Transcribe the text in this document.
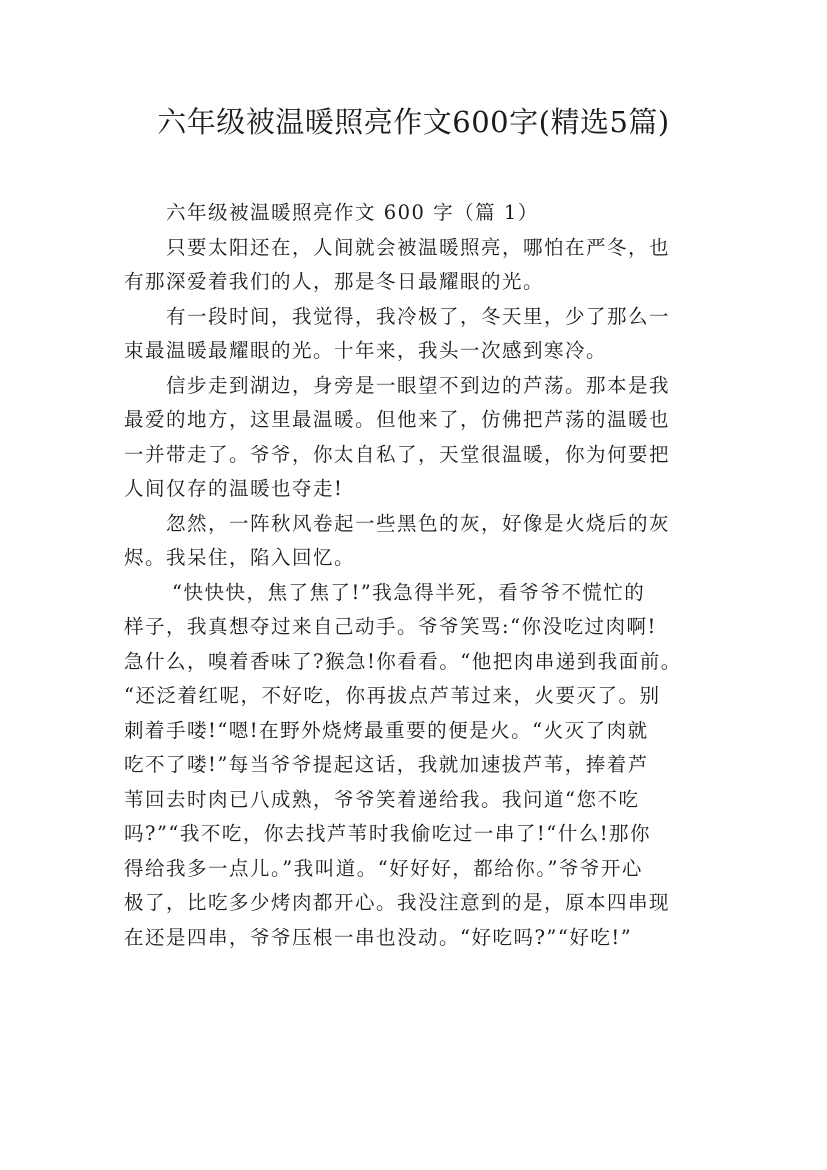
六年级被温暖照亮作文600字(精选5篇)
六年级被温暖照亮作文 600 字（篇 1）
只要太阳还在，人间就会被温暖照亮，哪怕在严冬，也
有那深爱着我们的人，那是冬日最耀眼的光。
有一段时间，我觉得，我冷极了，冬天里，少了那么一
束最温暖最耀眼的光。十年来，我头一次感到寒冷。
信步走到湖边，身旁是一眼望不到边的芦荡。那本是我
最爱的地方，这里最温暖。但他来了，仿佛把芦荡的温暖也
一并带走了。爷爷，你太自私了，天堂很温暖，你为何要把
人间仅存的温暖也夺走!
忽然，一阵秋风卷起一些黑色的灰，好像是火烧后的灰
烬。我呆住，陷入回忆。
“快快快，焦了焦了!”我急得半死，看爷爷不慌忙的
样子，我真想夺过来自己动手。爷爷笑骂:“你没吃过肉啊!
急什么，嗅着香味了?猴急!你看看。“他把肉串递到我面前。
“还泛着红呢，不好吃，你再拔点芦苇过来，火要灭了。别
刺着手喽!“嗯!在野外烧烤最重要的便是火。“火灭了肉就
吃不了喽!”每当爷爷提起这话，我就加速拔芦苇，捧着芦
苇回去时肉已八成熟，爷爷笑着递给我。我问道“您不吃
吗?”“我不吃，你去找芦苇时我偷吃过一串了!“什么!那你
得给我多一点儿。”我叫道。“好好好，都给你。”爷爷开心
极了，比吃多少烤肉都开心。我没注意到的是，原本四串现
在还是四串，爷爷压根一串也没动。“好吃吗?”“好吃!”
